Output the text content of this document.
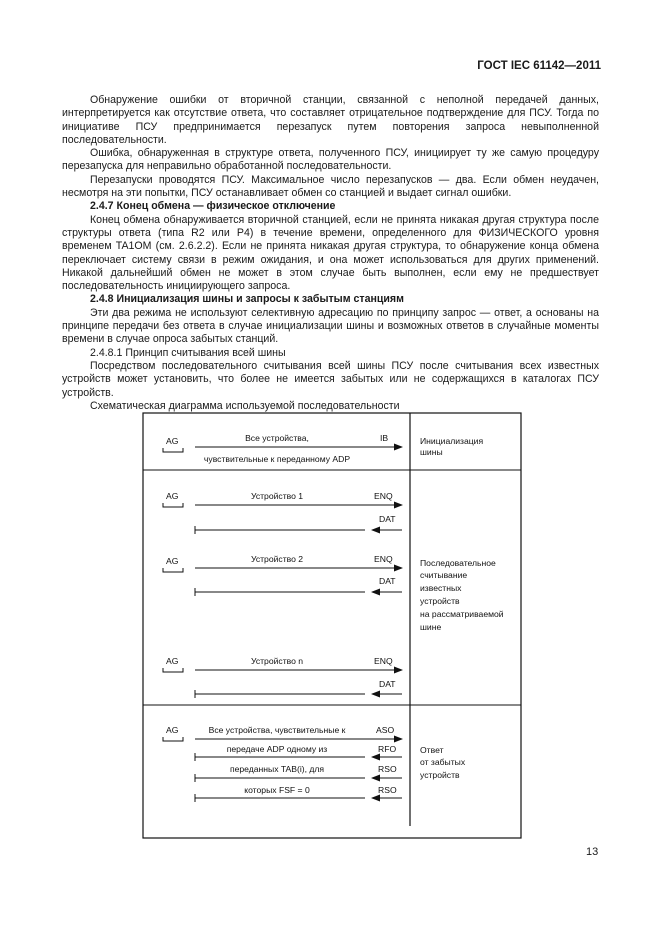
ГОСТ IEC 61142—2011

Обнаружение ошибки от вторичной станции, связанной с неполной передачей данных, интерпретируется как отсутствие ответа, что составляет отрицательное подтверждение для ПСУ. Тогда по инициативе ПСУ предпринимается перезапуск путем повторения запроса невыполненной последовательности.

Ошибка, обнаруженная в структуре ответа, полученного ПСУ, инициирует ту же самую процедуру перезапуска для неправильно обработанной последовательности.

Перезапуски проводятся ПСУ. Максимальное число перезапусков — два. Если обмен неудачен, несмотря на эти попытки, ПСУ останавливает обмен со станцией и выдает сигнал ошибки.

2.4.7 Конец обмена — физическое отключение

Конец обмена обнаруживается вторичной станцией, если не принята никакая другая структура после структуры ответа (типа R2 или P4) в течение времени, определенного для ФИЗИЧЕСКОГО уровня временем TA1OM (см. 2.6.2.2). Если не принята никакая другая структура, то обнаружение конца обмена переключает систему связи в режим ожидания, и она может использоваться для других применений. Никакой дальнейший обмен не может в этом случае быть выполнен, если ему не предшествует последовательность инициирующего запроса.

2.4.8 Инициализация шины и запросы к забытым станциям

Эти два режима не используют селективную адресацию по принципу запрос — ответ, а основаны на принципе передачи без ответа в случае инициализации шины и возможных ответов в случайные моменты времени в случае опроса забытых станций.

2.4.8.1 Принцип считывания всей шины

Посредством последовательного считывания всей шины ПСУ после считывания всех известных устройств может установить, что более не имеется забытых или не содержащихся в каталогах ПСУ устройств.

Схематическая диаграмма используемой последовательности

AG	Все устройства,
чувствительные к переданному ADP
IB	Инициализация
шины
AG	Устройство 1	ENQ
DAT
AG	Устройство 2	ENQ
DAT
Последовательное
считывание
известных
устройств
на рассматриваемой
шине
AG	Устройство n	ENQ
DAT
AG	Все устройства, чувствительные к
передаче ADP одному из
переданных TAB(i), для
которых FSF = 0
ASO
RFO
RSO
RSO
Ответ
от забытых
устройств
13
